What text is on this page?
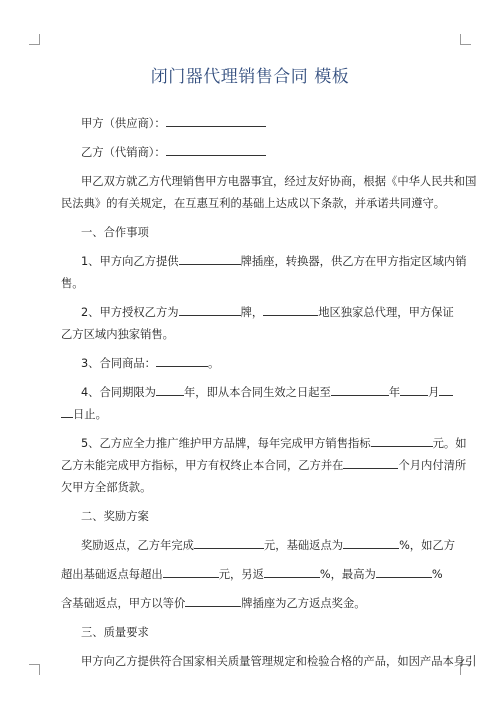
闭门器代理销售合同 模板

甲方（供应商）：

乙方（代销商）：

甲乙双方就乙方代理销售甲方电器事宜，经过友好协商，根据《中华人民共和国

民法典》的有关规定，在互惠互利的基础上达成以下条款，并承诺共同遵守。

一、合作事项

1、甲方向乙方提供	牌插座，转换器，供乙方在甲方指定区域内销

售。

2、甲方授权乙方为	牌，	地区独家总代理，甲方保证

乙方区域内独家销售。

3、合同商品：	。

4、合同期限为 年，即从本合同生效之日起至	年 月

日止。

5、乙方应全力推广维护甲方品牌，每年完成甲方销售指标	元。如

乙方未能完成甲方指标，甲方有权终止本合同，乙方并在	个月内付清所

欠甲方全部货款。

二、奖励方案

奖励返点，乙方年完成	元，基础返点为	%，如乙方

超出基础返点每超出	元，另返	%，最高为	%

含基础返点，甲方以等价	牌插座为乙方返点奖金。

三、质量要求

甲方向乙方提供符合国家相关质量管理规定和检验合格的产品，如因产品本身引
